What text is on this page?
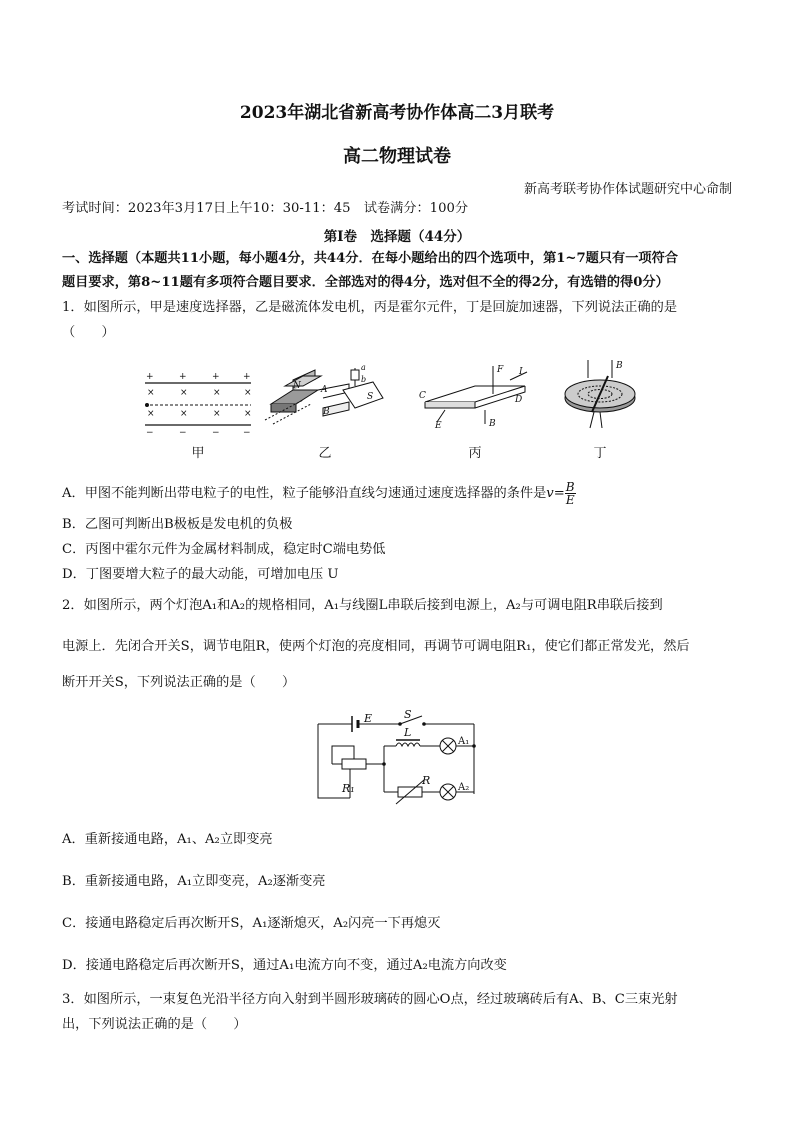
2023年湖北省新高考协作体高二3月联考
高二物理试卷
新高考联考协作体试题研究中心命制
考试时间：2023年3月17日上午10：30-11：45　试卷满分：100分
第Ⅰ卷　选择题（44分）
一、选择题（本题共11小题，每小题4分，共44分．在每小题给出的四个选项中，第1~7题只有一项符合
题目要求，第8~11题有多项符合题目要求．全部选对的得4分，选对但不全的得2分，有选错的得0分）
1．如图所示，甲是速度选择器，乙是磁流体发电机，丙是霍尔元件，丁是回旋加速器，下列说法正确的是
（　　）
+	+	+	+
×	×	×	×
×	×	×	×
−	−	−	−
N A
B
S
a
b
F I
C	D
E	B
B
甲	乙	丙	丁
A．甲图不能判断出带电粒子的电性，粒子能够沿直线匀速通过速度选择器的条件是$v= \frac{B}{E}$
B．乙图可判断出B极板是发电机的负极
C．丙图中霍尔元件为金属材料制成，稳定时C端电势低
D．丁图要增大粒子的最大动能，可增加电压 U
2．如图所示，两个灯泡A₁和A₂的规格相同，A₁与线圈L串联后接到电源上，A₂与可调电阻R串联后接到
电源上．先闭合开关S，调节电阻R，使两个灯泡的亮度相同，再调节可调电阻R₁，使它们都正常发光，然后
断开开关S，下列说法正确的是（　　）
E	S
R₁
L
A₁
R
A₂
A．重新接通电路，A₁、A₂立即变亮
B．重新接通电路，A₁立即变亮，A₂逐渐变亮
C．接通电路稳定后再次断开S，A₁逐渐熄灭，A₂闪亮一下再熄灭
D．接通电路稳定后再次断开S，通过A₁电流方向不变，通过A₂电流方向改变
3．如图所示，一束复色光沿半径方向入射到半圆形玻璃砖的圆心O点，经过玻璃砖后有A、B、C三束光射
出，下列说法正确的是（　　）
